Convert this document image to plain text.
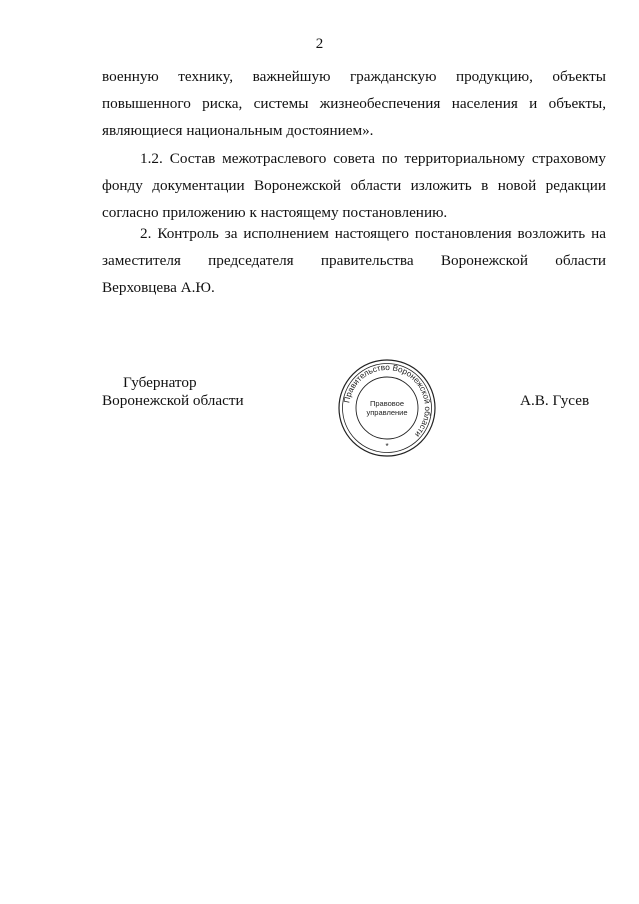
2
военную техникy, важнейшую гражданскую продукцию, объекты
повышенного риска, системы жизнеобеспечения населения и объекты,
являющиеся национальным достоянием».
1.2. Состав межотраслевого совета по территориальному страховому
фонду документации Воронежской области изложить в новой редакции
согласно приложению к настоящему постановлению.
2. Контроль за исполнением настоящего постановления возложить на
заместителя председателя правительства Воронежской области
Верховцева А.Ю.
Губернатор
Воронежской области	А.В. Гусев
Правительство Воронежской области
Правовое
управление
*
